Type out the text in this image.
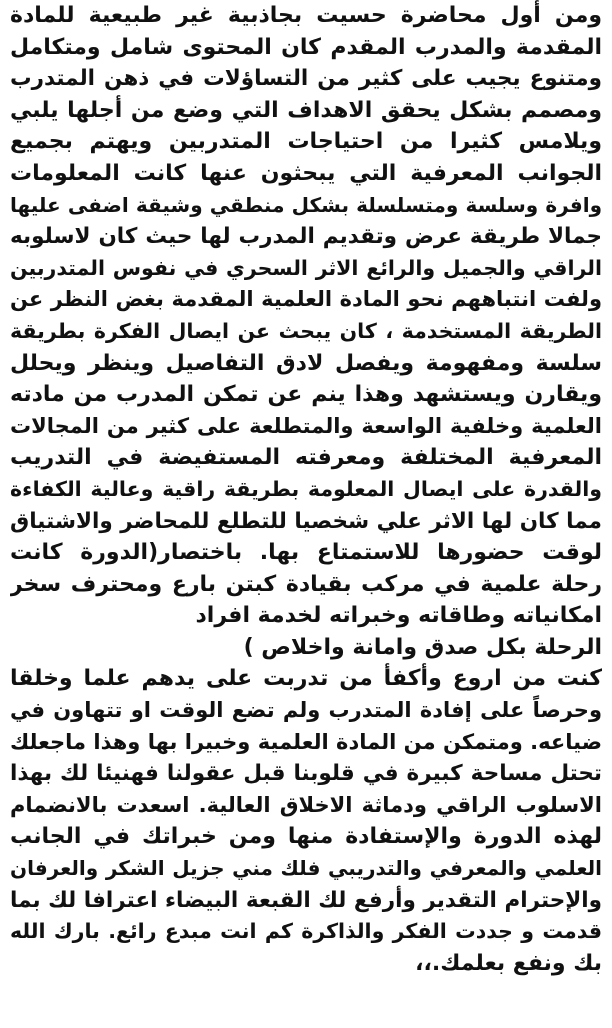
ومن أول محاضرة حسيت بجاذبية غير طبيعية للمادة
المقدمة والمدرب المقدم كان المحتوى شامل ومتكامل
ومتنوع يجيب على كثير من التساؤلات في ذهن المتدرب
ومصمم بشكل يحقق الاهداف التي وضع من أجلها يلبي
ويلامس كثيرا من احتياجات المتدربين ويهتم بجميع
الجوانب المعرفية التي يبحثون عنها كانت المعلومات
وافرة وسلسة ومتسلسلة بشكل منطقي وشيقة اضفى عليها
جمالا طريقة عرض وتقديم المدرب لها حيث كان لاسلوبه
الراقي والجميل والرائع الاثر السحري في نفوس المتدربين
ولفت انتباههم نحو المادة العلمية المقدمة بغض النظر عن
الطريقة المستخدمة ، كان يبحث عن ايصال الفكرة بطريقة
سلسة ومفهومة ويفصل لادق التفاصيل وينظر ويحلل
ويقارن ويستشهد وهذا ينم عن تمكن المدرب من مادته
العلمية وخلفية الواسعة والمتطلعة على كثير من المجالات
المعرفية المختلفة ومعرفته المستفيضة في التدريب
والقدرة على ايصال المعلومة بطريقة راقية وعالية الكفاءة
مما كان لها الاثر علي شخصيا للتطلع للمحاضر والاشتياق
لوقت حضورها للاستمتاع بها. باختصار(الدورة كانت
رحلة علمية في مركب بقيادة كبتن بارع ومحترف سخر
امكانياته وطاقاته وخبراته لخدمة افراد
الرحلة بكل صدق وامانة واخلاص )
كنت من اروع وأكفأ من تدربت على يدهم علما وخلقا
وحرصاً على إفادة المتدرب ولم تضع الوقت او تتهاون في
ضياعه. ومتمكن من المادة العلمية وخبيرا بها وهذا ماجعلك
تحتل مساحة كبيرة في قلوبنا قبل عقولنا فهنيئا لك بهذا
الاسلوب الراقي ودماثة الاخلاق العالية. اسعدت بالانضمام
لهذه الدورة والإستفادة منها ومن خبراتك في الجانب
العلمي والمعرفي والتدريبي فلك مني جزيل الشكر والعرفان
والإحترام التقدير وأرفع لك القبعة البيضاء اعترافا لك بما
قدمت و جددت الفكر والذاكرة كم انت مبدع رائع. بارك الله
بك ونفع بعلمك.،،
